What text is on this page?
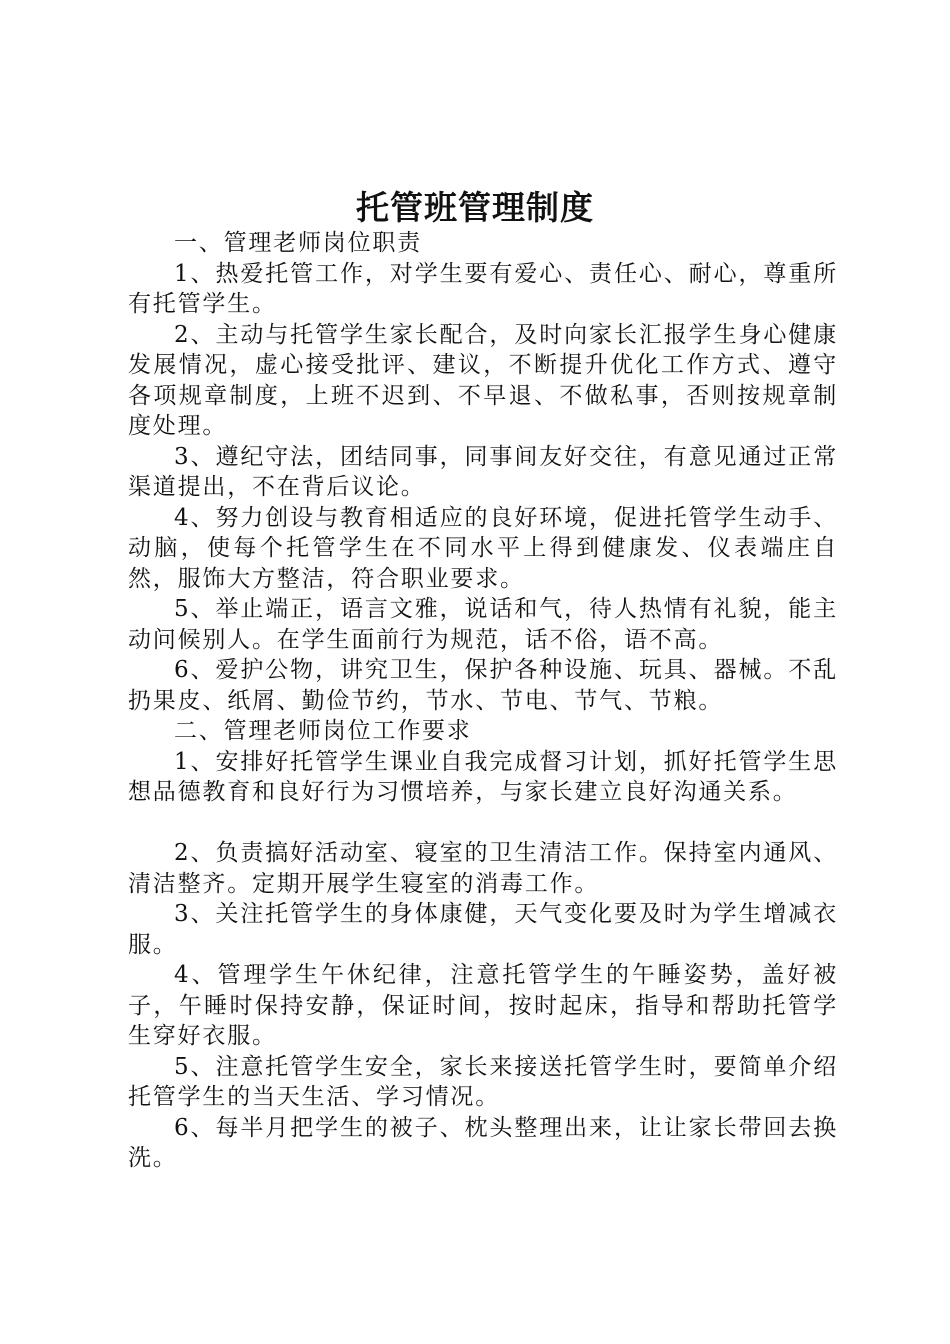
托管班管理制度

一、管理老师岗位职责

1、热爱托管工作，对学生要有爱心、责任心、耐心，尊重所有托管学生。

2、主动与托管学生家长配合，及时向家长汇报学生身心健康发展情况，虚心接受批评、建议，不断提升优化工作方式、遵守各项规章制度，上班不迟到、不早退、不做私事，否则按规章制度处理。

3、遵纪守法，团结同事，同事间友好交往，有意见通过正常渠道提出，不在背后议论。

4、努力创设与教育相适应的良好环境，促进托管学生动手、动脑，使每个托管学生在不同水平上得到健康发、仪表端庄自然，服饰大方整洁，符合职业要求。

5、举止端正，语言文雅，说话和气，待人热情有礼貌，能主动问候别人。在学生面前行为规范，话不俗，语不高。

6、爱护公物，讲究卫生，保护各种设施、玩具、器械。不乱扔果皮、纸屑、勤俭节约，节水、节电、节气、节粮。

二、管理老师岗位工作要求

1、安排好托管学生课业自我完成督习计划，抓好托管学生思想品德教育和良好行为习惯培养，与家长建立良好沟通关系。

2、负责搞好活动室、寝室的卫生清洁工作。保持室内通风、清洁整齐。定期开展学生寝室的消毒工作。

3、关注托管学生的身体康健，天气变化要及时为学生增减衣服。

4、管理学生午休纪律，注意托管学生的午睡姿势，盖好被子，午睡时保持安静，保证时间，按时起床，指导和帮助托管学生穿好衣服。

5、注意托管学生安全，家长来接送托管学生时，要简单介绍托管学生的当天生活、学习情况。

6、每半月把学生的被子、枕头整理出来，让让家长带回去换洗。
